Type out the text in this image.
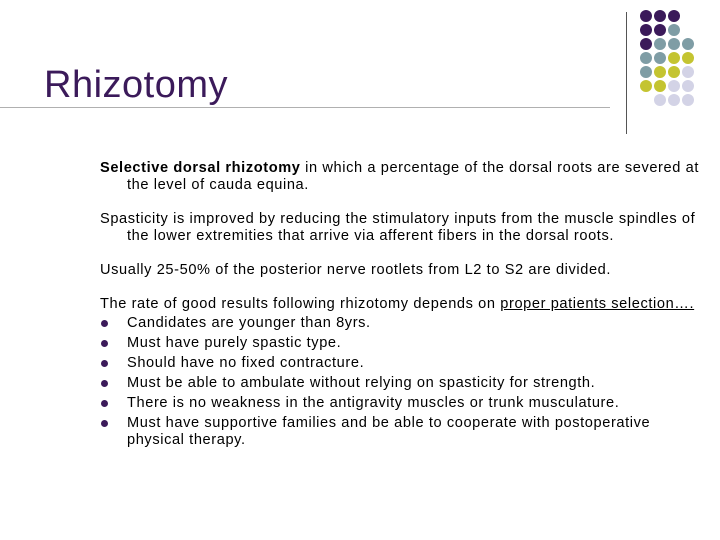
Rhizotomy

Selective dorsal rhizotomy in which a percentage of the dorsal roots are severed at the level of cauda equina.

Spasticity is improved by reducing the stimulatory inputs from the muscle spindles of the lower extremities that arrive via afferent fibers in the dorsal roots.

Usually 25-50% of the posterior nerve rootlets from L2 to S2 are divided.

The rate of good results following rhizotomy depends on proper patients selection….

Candidates are younger than 8yrs.
Must have purely spastic type.
Should have no fixed contracture.
Must be able to ambulate without relying on spasticity for strength.
There is no weakness in the antigravity muscles or trunk musculature.
Must have supportive families and be able to cooperate with postoperative physical therapy.
